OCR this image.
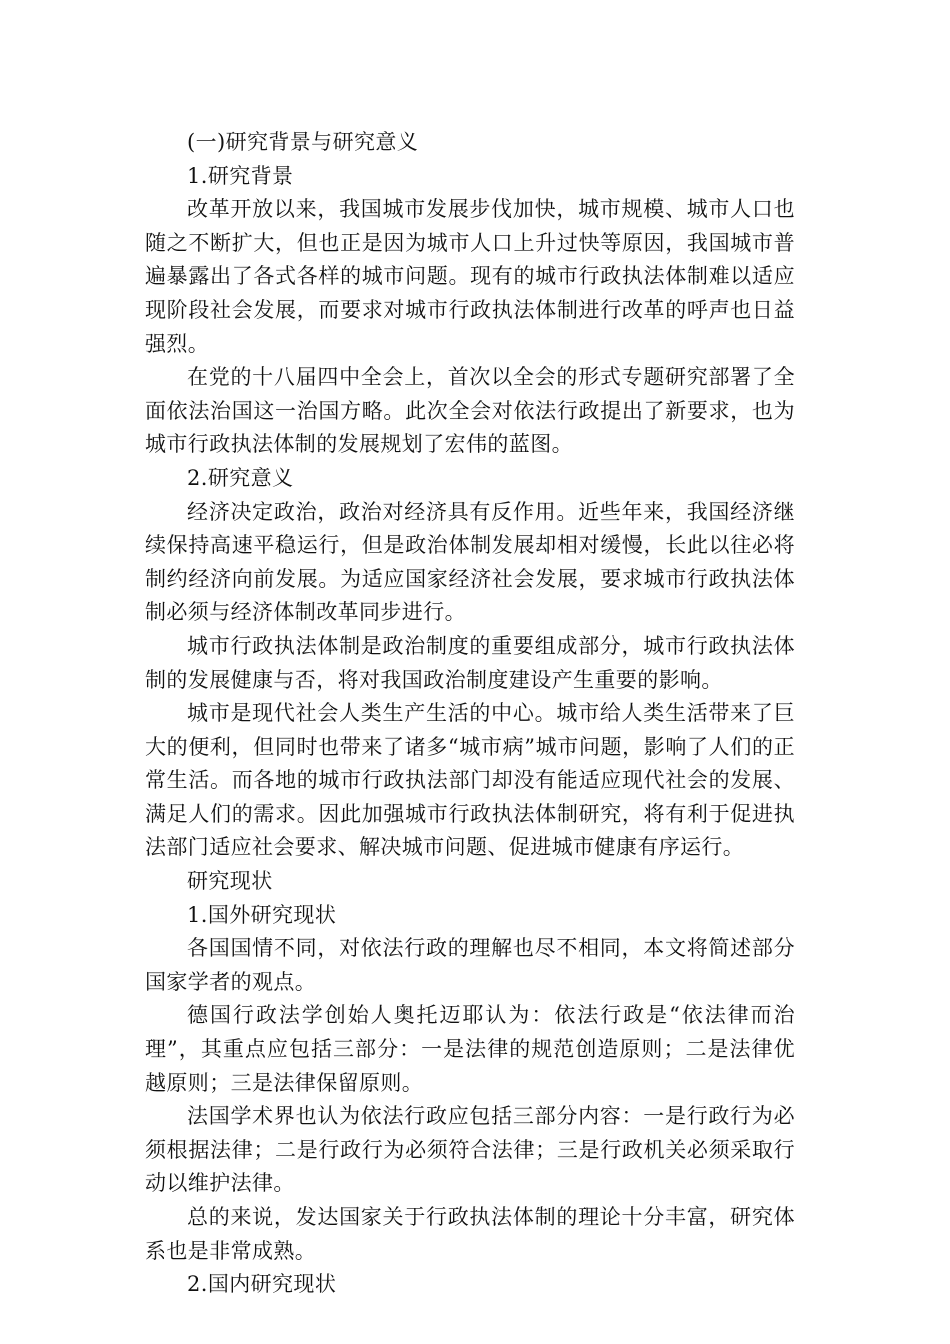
(一)研究背景与研究意义

1.研究背景

改革开放以来，我国城市发展步伐加快，城市规模、城市人口也随之不断扩大，但也正是因为城市人口上升过快等原因，我国城市普遍暴露出了各式各样的城市问题。现有的城市行政执法体制难以适应现阶段社会发展，而要求对城市行政执法体制进行改革的呼声也日益强烈。

在党的十八届四中全会上，首次以全会的形式专题研究部署了全面依法治国这一治国方略。此次全会对依法行政提出了新要求，也为城市行政执法体制的发展规划了宏伟的蓝图。

2.研究意义

经济决定政治，政治对经济具有反作用。近些年来，我国经济继续保持高速平稳运行，但是政治体制发展却相对缓慢，长此以往必将制约经济向前发展。为适应国家经济社会发展，要求城市行政执法体制必须与经济体制改革同步进行。

城市行政执法体制是政治制度的重要组成部分，城市行政执法体制的发展健康与否，将对我国政治制度建设产生重要的影响。

城市是现代社会人类生产生活的中心。城市给人类生活带来了巨大的便利，但同时也带来了诸多“城市病”城市问题，影响了人们的正常生活。而各地的城市行政执法部门却没有能适应现代社会的发展、满足人们的需求。因此加强城市行政执法体制研究，将有利于促进执法部门适应社会要求、解决城市问题、促进城市健康有序运行。

研究现状

1.国外研究现状

各国国情不同，对依法行政的理解也尽不相同，本文将简述部分国家学者的观点。

德国行政法学创始人奥托迈耶认为：依法行政是“依法律而治理”，其重点应包括三部分：一是法律的规范创造原则；二是法律优越原则；三是法律保留原则。

法国学术界也认为依法行政应包括三部分内容：一是行政行为必须根据法律；二是行政行为必须符合法律；三是行政机关必须采取行动以维护法律。

总的来说，发达国家关于行政执法体制的理论十分丰富，研究体系也是非常成熟。

2.国内研究现状
